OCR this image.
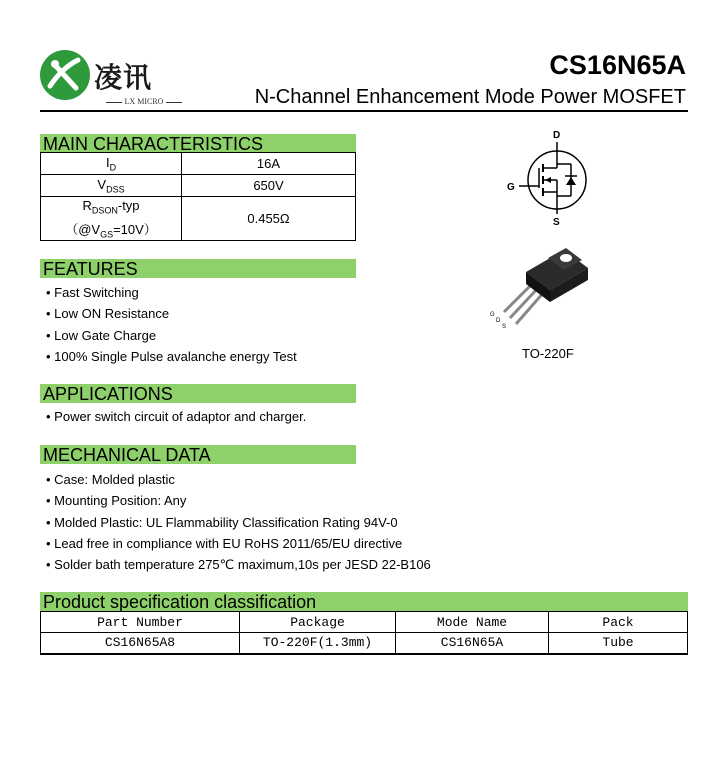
凌讯
LX MICRO
CS16N65A
N-Channel Enhancement Mode Power MOSFET
MAIN CHARACTERISTICS
$I_D$	16A
$V_{DSS}$	650V

$R_{DSON}$-typ
$(@V_{GS}=10V)$	0.455Ω
FEATURES
• Fast Switching
• Low ON Resistance
• Low Gate Charge
• 100% Single Pulse avalanche energy Test
APPLICATIONS
• Power switch circuit of adaptor and charger.
MECHANICAL DATA
• Case: Molded plastic
• Mounting Position: Any
• Molded Plastic: UL Flammability Classification Rating 94V-0
• Lead free in compliance with EU RoHS 2011/65/EU directive
• Solder bath temperature 275℃ maximum,10s per JESD 22-B106
D
G
S
G
D
S
TO-220F
Product specification classification
Part Number	Package	Mode Name	Pack
CS16N65A8	TO-220F(1.3mm)	CS16N65A	Tube
